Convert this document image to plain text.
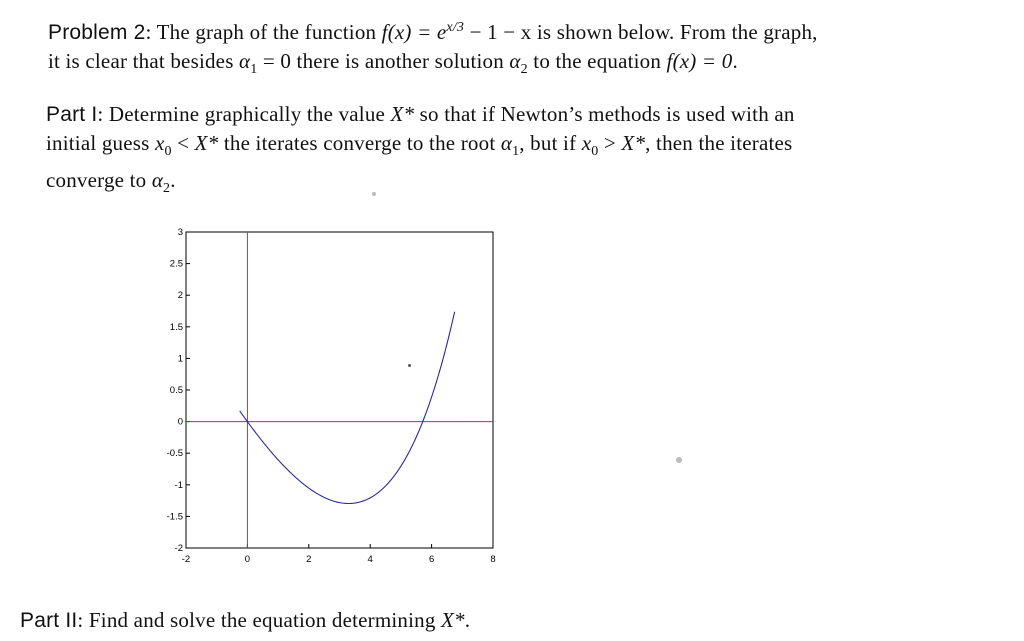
Problem 2: The graph of the function $f(x) = e^{x/3} - 1 - x$ is shown below. From the graph,
it is clear that besides $\alpha_1 = 0$ there is another solution $\alpha_2$ to the equation f(x) = 0.
Part I: Determine graphically the value X* so that if Newton’s methods is used with an
initial guess $x_0 < X*$ the iterates converge to the root $\alpha_1$, but if $x_0 > X*$, then the iterates
converge to $\alpha_2$.
3
2.5
2
1.5
1
0.5
0
-0.5
-1
-1.5
-2
-2	0	2	4	6	8
Part II: Find and solve the equation determining X*.
